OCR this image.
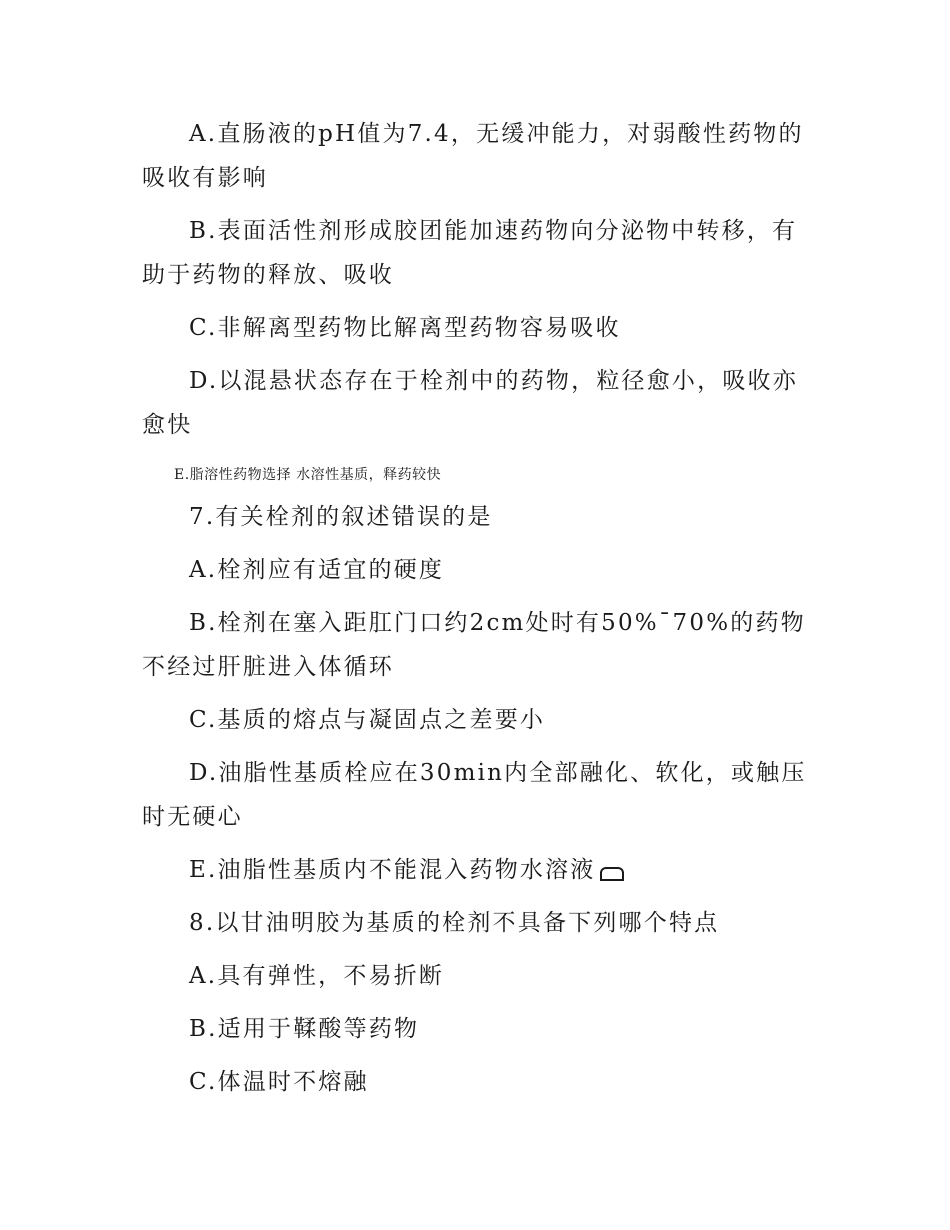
A.直肠液的pH值为7.4，无缓冲能力，对弱酸性药物的吸收有影响

B.表面活性剂形成胶团能加速药物向分泌物中转移，有助于药物的释放、吸收

C.非解离型药物比解离型药物容易吸收

D.以混悬状态存在于栓剂中的药物，粒径愈小，吸收亦愈快

E.脂溶性药物选择 水溶性基质，释药较快

7.有关栓剂的叙述错误的是

A.栓剂应有适宜的硬度

B.栓剂在塞入距肛门口约2cm处时有50%¯70%的药物不经过肝脏进入体循环

C.基质的熔点与凝固点之差要小

D.油脂性基质栓应在30min内全部融化、软化，或触压时无硬心

E.油脂性基质内不能混入药物水溶液

8.以甘油明胶为基质的栓剂不具备下列哪个特点

A.具有弹性，不易折断

B.适用于鞣酸等药物

C.体温时不熔融
